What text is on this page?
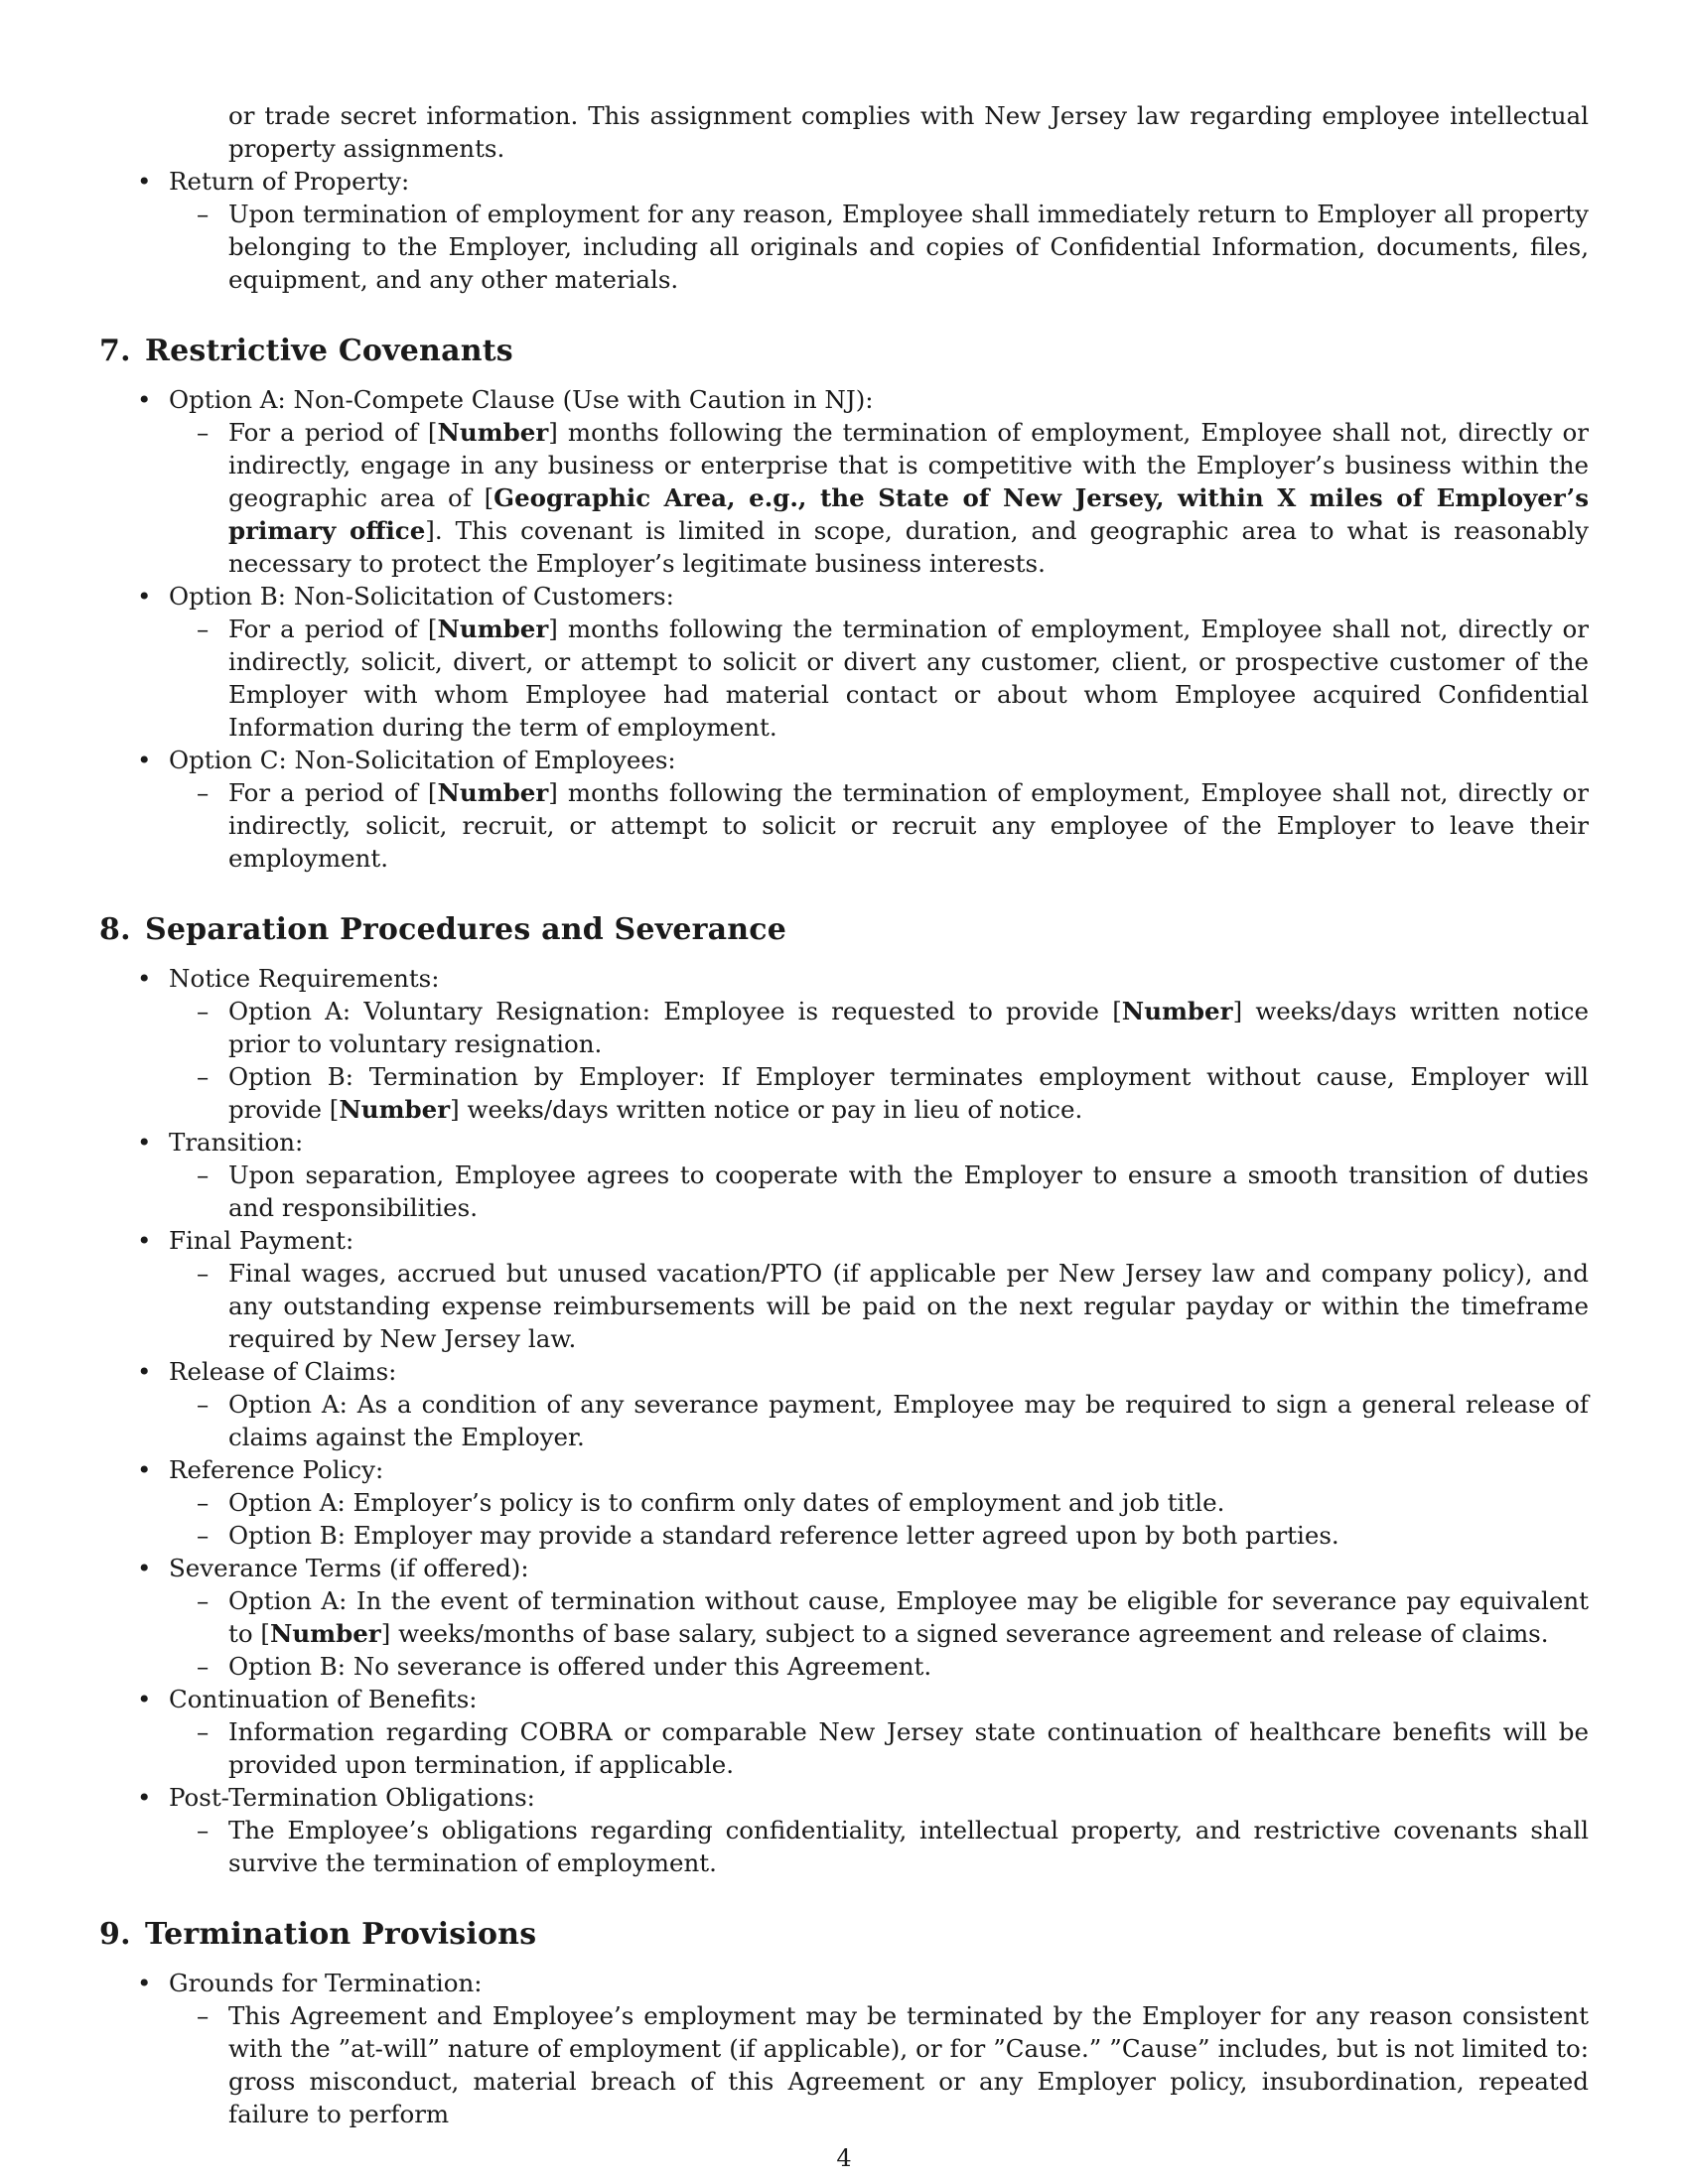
or trade secret information. This assignment complies with New Jersey law regarding employee intellectual property assignments.
• Return of Property:
– Upon termination of employment for any reason, Employee shall immediately return to Employer all property belonging to the Employer, including all originals and copies of Confidential Information, documents, files, equipment, and any other materials.
7. Restrictive Covenants
• Option A: Non-Compete Clause (Use with Caution in NJ):
– For a period of [Number] months following the termination of employment, Employee shall not, directly or indirectly, engage in any business or enterprise that is competitive with the Employer’s business within the geographic area of [Geographic Area, e.g., the State of New Jersey, within X miles of Employer’s primary office]. This covenant is limited in scope, duration, and geographic area to what is reasonably necessary to protect the Employer’s legitimate business interests.
• Option B: Non-Solicitation of Customers:
– For a period of [Number] months following the termination of employment, Employee shall not, directly or indirectly, solicit, divert, or attempt to solicit or divert any customer, client, or prospective customer of the Employer with whom Employee had material contact or about whom Employee acquired Confidential Information during the term of employment.
• Option C: Non-Solicitation of Employees:
– For a period of [Number] months following the termination of employment, Employee shall not, directly or indirectly, solicit, recruit, or attempt to solicit or recruit any employee of the Employer to leave their employment.
8. Separation Procedures and Severance
• Notice Requirements:
– Option A: Voluntary Resignation: Employee is requested to provide [Number] weeks/days written notice prior to voluntary resignation.
– Option B: Termination by Employer: If Employer terminates employment without cause, Employer will provide [Number] weeks/days written notice or pay in lieu of notice.
• Transition:
– Upon separation, Employee agrees to cooperate with the Employer to ensure a smooth transition of duties and responsibilities.
• Final Payment:
– Final wages, accrued but unused vacation/PTO (if applicable per New Jersey law and company policy), and any outstanding expense reimbursements will be paid on the next regular payday or within the timeframe required by New Jersey law.
• Release of Claims:
– Option A: As a condition of any severance payment, Employee may be required to sign a general release of claims against the Employer.
• Reference Policy:
– Option A: Employer’s policy is to confirm only dates of employment and job title.
– Option B: Employer may provide a standard reference letter agreed upon by both parties.
• Severance Terms (if offered):
– Option A: In the event of termination without cause, Employee may be eligible for severance pay equivalent to [Number] weeks/months of base salary, subject to a signed severance agreement and release of claims.
– Option B: No severance is offered under this Agreement.
• Continuation of Benefits:
– Information regarding COBRA or comparable New Jersey state continuation of healthcare benefits will be provided upon termination, if applicable.
• Post-Termination Obligations:
– The Employee’s obligations regarding confidentiality, intellectual property, and restrictive covenants shall survive the termination of employment.
9. Termination Provisions
• Grounds for Termination:
– This Agreement and Employee’s employment may be terminated by the Employer for any reason consistent with the ”at-will” nature of employment (if applicable), or for ”Cause.” ”Cause” includes, but is not limited to: gross misconduct, material breach of this Agreement or any Employer policy, insubordination, repeated failure to perform
4
